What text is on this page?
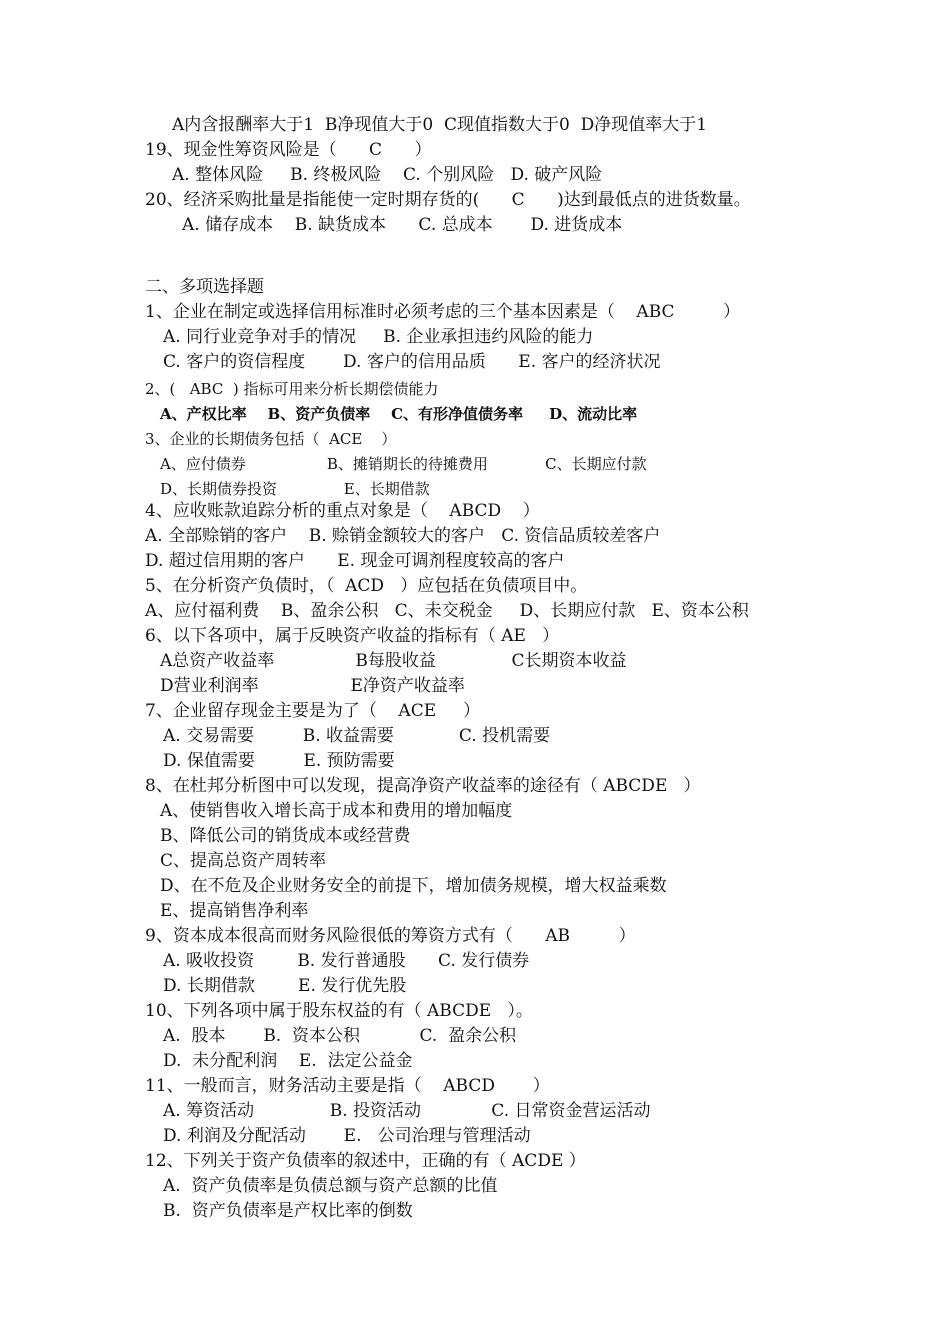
A内含报酬率大于1  B净现值大于0  C现值指数大于0  D净现值率大于1
19、现金性筹资风险是（      C      ）
A. 整体风险     B. 终极风险    C. 个别风险   D. 破产风险
20、经济采购批量是指能使一定时期存货的(      C      )达到最低点的进货数量。
A. 储存成本    B. 缺货成本      C. 总成本       D. 进货成本
二、多项选择题
1、企业在制定或选择信用标准时必须考虑的三个基本因素是（    ABC         ）
A. 同行业竞争对手的情况     B. 企业承担违约风险的能力
C. 客户的资信程度       D. 客户的信用品质      E. 客户的经济状况
2、(   ABC  ) 指标可用来分析长期偿债能力
A、产权比率    B、资产负债率    C、有形净值债务率     D、流动比率
3、企业的长期债务包括（  ACE    ）
A、应付债券                 B、摊销期长的待摊费用            C、长期应付款
D、长期债券投资              E、长期借款
4、应收账款追踪分析的重点对象是（    ABCD    ）
A. 全部赊销的客户    B. 赊销金额较大的客户   C. 资信品质较差客户
D. 超过信用期的客户      E. 现金可调剂程度较高的客户
5、在分析资产负债时，（  ACD   ）应包括在负债项目中。
A、应付福利费    B、盈余公积   C、未交税金     D、长期应付款   E、资本公积
6、以下各项中，属于反映资产收益的指标有（ AE   ）
A总资产收益率               B每股收益              C长期资本收益
D营业利润率                 E净资产收益率
7、企业留存现金主要是为了（    ACE     ）
A. 交易需要         B. 收益需要            C. 投机需要
D. 保值需要         E. 预防需要
8、在杜邦分析图中可以发现，提高净资产收益率的途径有（ ABCDE   ）
A、使销售收入增长高于成本和费用的增加幅度
B、降低公司的销货成本或经营费
C、提高总资产周转率
D、在不危及企业财务安全的前提下，增加债务规模，增大权益乘数
E、提高销售净利率
9、资本成本很高而财务风险很低的筹资方式有（      AB         ）
A. 吸收投资        B. 发行普通股      C. 发行债券
D. 长期借款        E. 发行优先股
10、下列各项中属于股东权益的有（ ABCDE   ）。
A.  股本       B.  资本公积           C.  盈余公积
D.  未分配利润    E.  法定公益金
11、一般而言，财务活动主要是指（    ABCD       ）
A. 筹资活动              B. 投资活动             C. 日常资金营运活动
D. 利润及分配活动       E.   公司治理与管理活动
12、下列关于资产负债率的叙述中，正确的有（ ACDE ）
A.  资产负债率是负债总额与资产总额的比值
B.  资产负债率是产权比率的倒数
